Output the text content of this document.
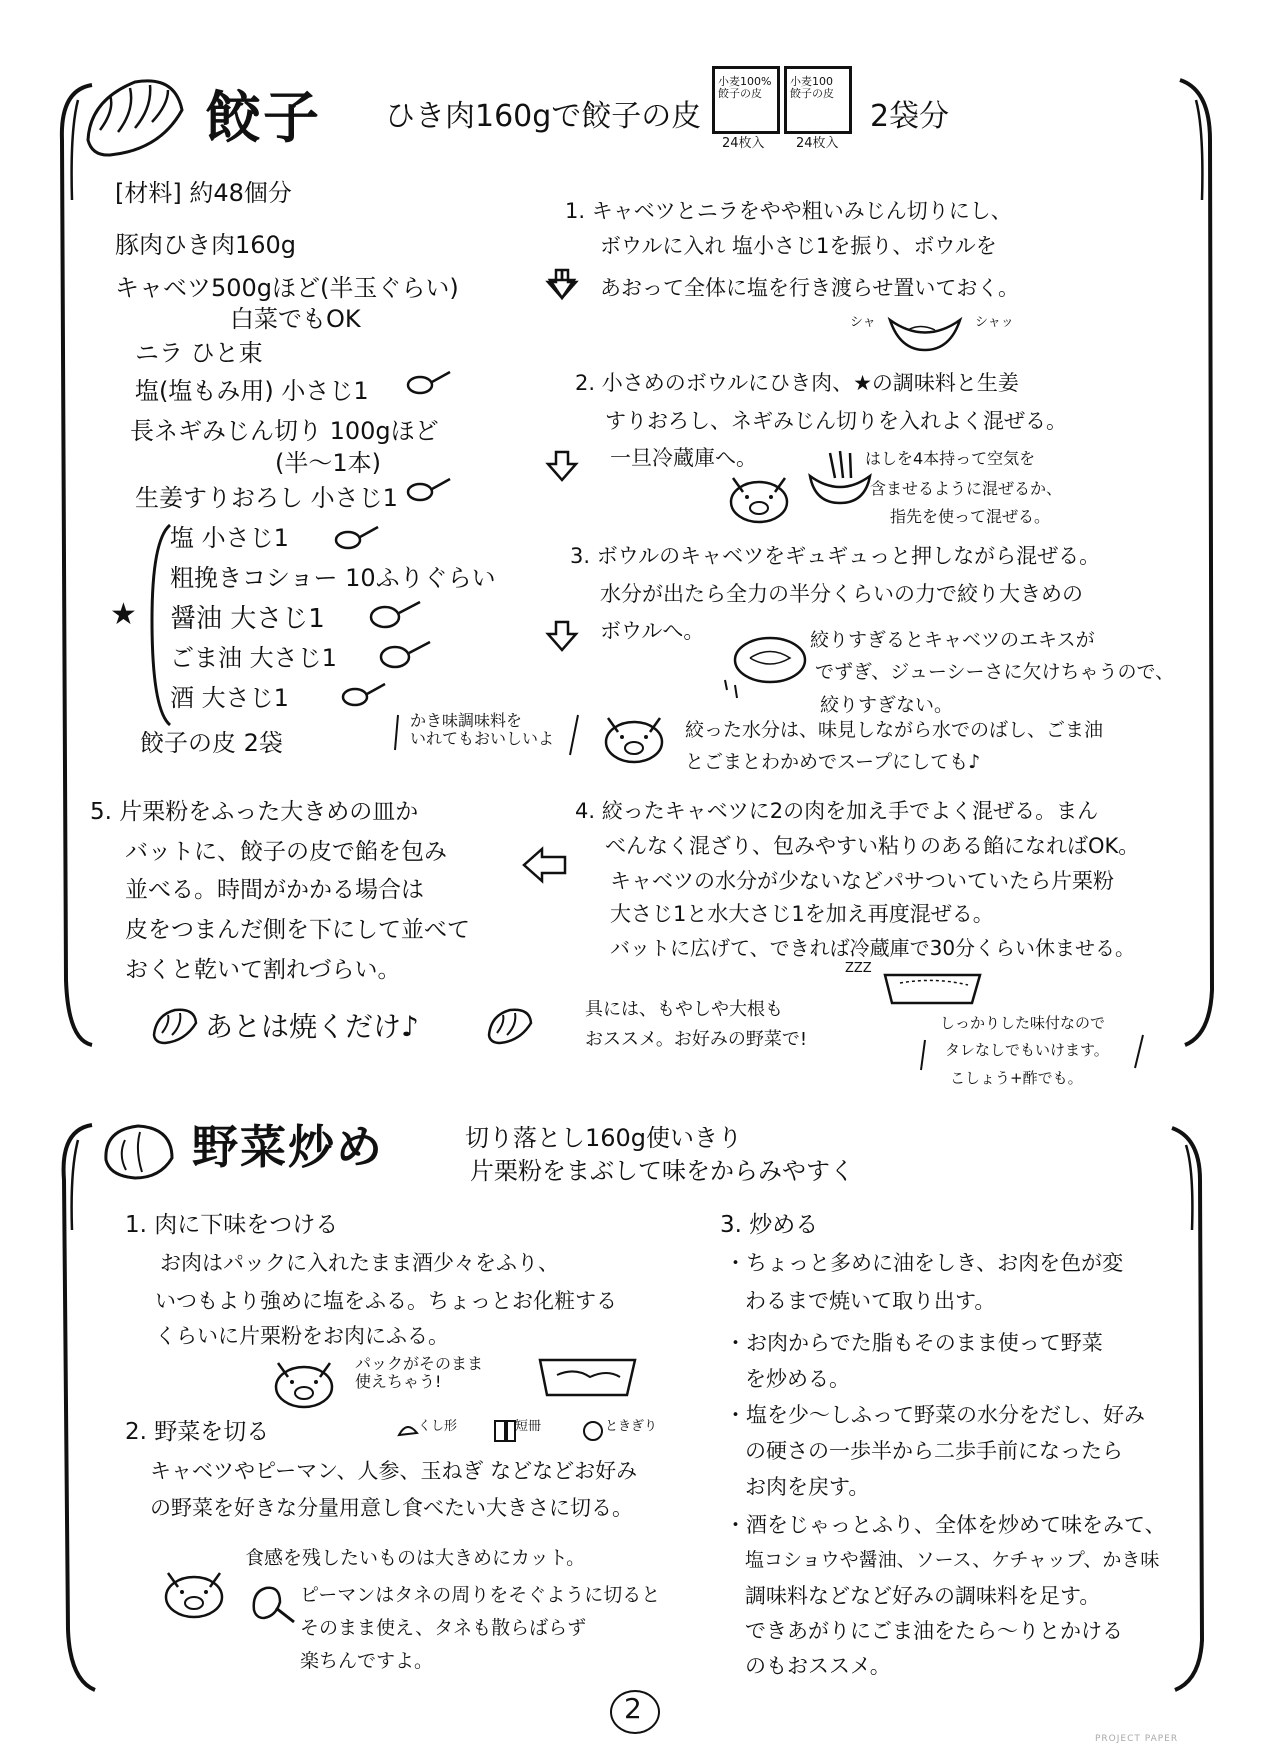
餃子 ひき肉160gで餃子の皮
小麦100%
餃子の皮
小麦100
餃子の皮
24枚入 24枚入
2袋分
[材料] 約48個分
豚肉ひき肉160g
キャベツ500gほど(半玉ぐらい)
白菜でもOK
ニラ ひと束
塩(塩もみ用) 小さじ1
長ネギみじん切り 100gほど
(半〜1本)
生姜すりおろし 小さじ1
★
塩 小さじ1
粗挽きコショー 10ふりぐらい
醤油 大さじ1
ごま油 大さじ1
酒 大さじ1
餃子の皮 2袋
かき味調味料を
いれてもおいしいよ
1. キャベツとニラをやや粗いみじん切りにし、
ボウルに入れ 塩小さじ1を振り、ボウルを
あおって全体に塩を行き渡らせ置いておく。
シャ	シャッ
2. 小さめのボウルにひき肉、★の調味料と生姜
すりおろし、ネギみじん切りを入れよく混ぜる。
一旦冷蔵庫へ。	はしを4本持って空気を
含ませるように混ぜるか、
指先を使って混ぜる。
3. ボウルのキャベツをギュギュっと押しながら混ぜる。
水分が出たら全力の半分くらいの力で絞り大きめの
ボウルへ。	絞りすぎるとキャベツのエキスが
でずぎ、ジューシーさに欠けちゃうので、
絞りすぎない。
絞った水分は、味見しながら水でのばし、ごま油
とごまとわかめでスープにしても♪
4. 絞ったキャベツに2の肉を加え手でよく混ぜる。まん
べんなく混ざり、包みやすい粘りのある餡になればOK。
キャベツの水分が少ないなどパサついていたら片栗粉
大さじ1と水大さじ1を加え再度混ぜる。
バットに広げて、できれば冷蔵庫で30分くらい休ませる。
ZZZ
5. 片栗粉をふった大きめの皿か
バットに、餃子の皮で餡を包み
並べる。時間がかかる場合は
皮をつまんだ側を下にして並べて
おくと乾いて割れづらい。
あとは焼くだけ♪
具には、もやしや大根も
おススメ。お好みの野菜で!
しっかりした味付なので
タレなしでもいけます。
こしょう+酢でも。
野菜炒め	切り落とし160g使いきり
片栗粉をまぶして味をからみやすく
1. 肉に下味をつける
お肉はパックに入れたまま酒少々をふり、
いつもより強めに塩をふる。ちょっとお化粧する
くらいに片栗粉をお肉にふる。
パックがそのまま
使えちゃう!
2. 野菜を切る	くし形	短冊	ときぎり
キャベツやピーマン、人参、玉ねぎ などなどお好み
の野菜を好きな分量用意し食べたい大きさに切る。
食感を残したいものは大きめにカット。
ピーマンはタネの周りをそぐように切ると
そのまま使え、タネも散らばらず
楽ちんですよ。
3. 炒める
・ちょっと多めに油をしき、お肉を色が変
わるまで焼いて取り出す。
・お肉からでた脂もそのまま使って野菜
を炒める。
・塩を少〜しふって野菜の水分をだし、好み
の硬さの一歩半から二歩手前になったら
お肉を戻す。
・酒をじゃっとふり、全体を炒めて味をみて、
塩コショウや醤油、ソース、ケチャップ、かき味
調味料などなど好みの調味料を足す。
できあがりにごま油をたら〜りとかける
のもおススメ。
2
PROJECT PAPER
